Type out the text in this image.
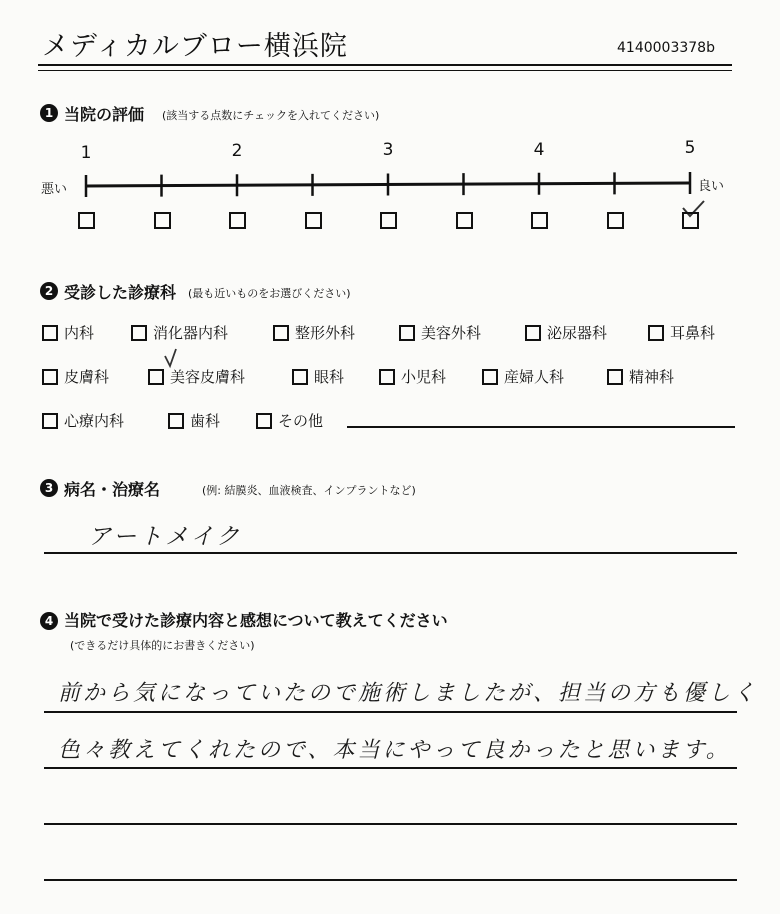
メディカルブロー横浜院	4140003378b
1 当院の評価 (該当する点数にチェックを入れてください)
1	2	3	4	5
悪い	良い
2 受診した診療科 (最も近いものをお選びください)
内科	消化器内科	整形外科	美容外科	泌尿器科	耳鼻科
皮膚科	美容皮膚科	眼科	小児科	産婦人科	精神科
心療内科	歯科	その他
3 病名・治療名	(例: 結膜炎、血液検査、インプラントなど)
アートメイク
4 当院で受けた診療内容と感想について教えてください
(できるだけ具体的にお書きください)
前から気になっていたので施術しましたが、担当の方も優しく
色々教えてくれたので、本当にやって良かったと思います。
